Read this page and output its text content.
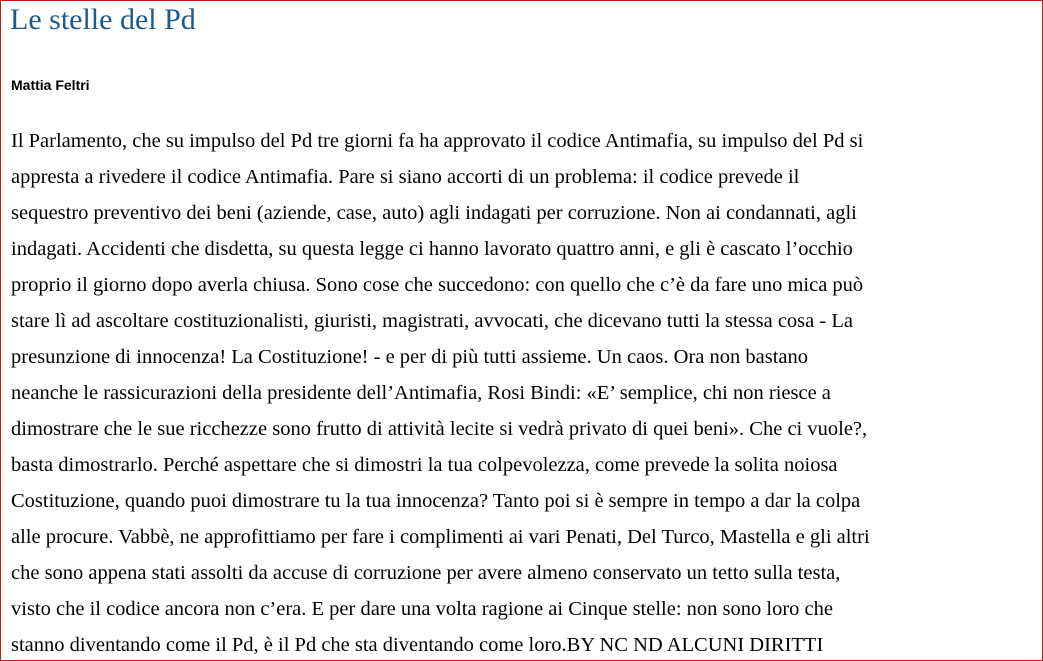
Le stelle del Pd
Mattia Feltri
Il Parlamento, che su impulso del Pd tre giorni fa ha approvato il codice Antimafia, su impulso del Pd si
appresta a rivedere il codice Antimafia. Pare si siano accorti di un problema: il codice prevede il
sequestro preventivo dei beni (aziende, case, auto) agli indagati per corruzione. Non ai condannati, agli
indagati. Accidenti che disdetta, su questa legge ci hanno lavorato quattro anni, e gli è cascato l’occhio
proprio il giorno dopo averla chiusa. Sono cose che succedono: con quello che c’è da fare uno mica può
stare lì ad ascoltare costituzionalisti, giuristi, magistrati, avvocati, che dicevano tutti la stessa cosa - La
presunzione di innocenza! La Costituzione! - e per di più tutti assieme. Un caos. Ora non bastano
neanche le rassicurazioni della presidente dell’Antimafia, Rosi Bindi: «E’ semplice, chi non riesce a
dimostrare che le sue ricchezze sono frutto di attività lecite si vedrà privato di quei beni». Che ci vuole?,
basta dimostrarlo. Perché aspettare che si dimostri la tua colpevolezza, come prevede la solita noiosa
Costituzione, quando puoi dimostrare tu la tua innocenza? Tanto poi si è sempre in tempo a dar la colpa
alle procure. Vabbè, ne approfittiamo per fare i complimenti ai vari Penati, Del Turco, Mastella e gli altri
che sono appena stati assolti da accuse di corruzione per avere almeno conservato un tetto sulla testa,
visto che il codice ancora non c’era. E per dare una volta ragione ai Cinque stelle: non sono loro che
stanno diventando come il Pd, è il Pd che sta diventando come loro.BY NC ND ALCUNI DIRITTI
